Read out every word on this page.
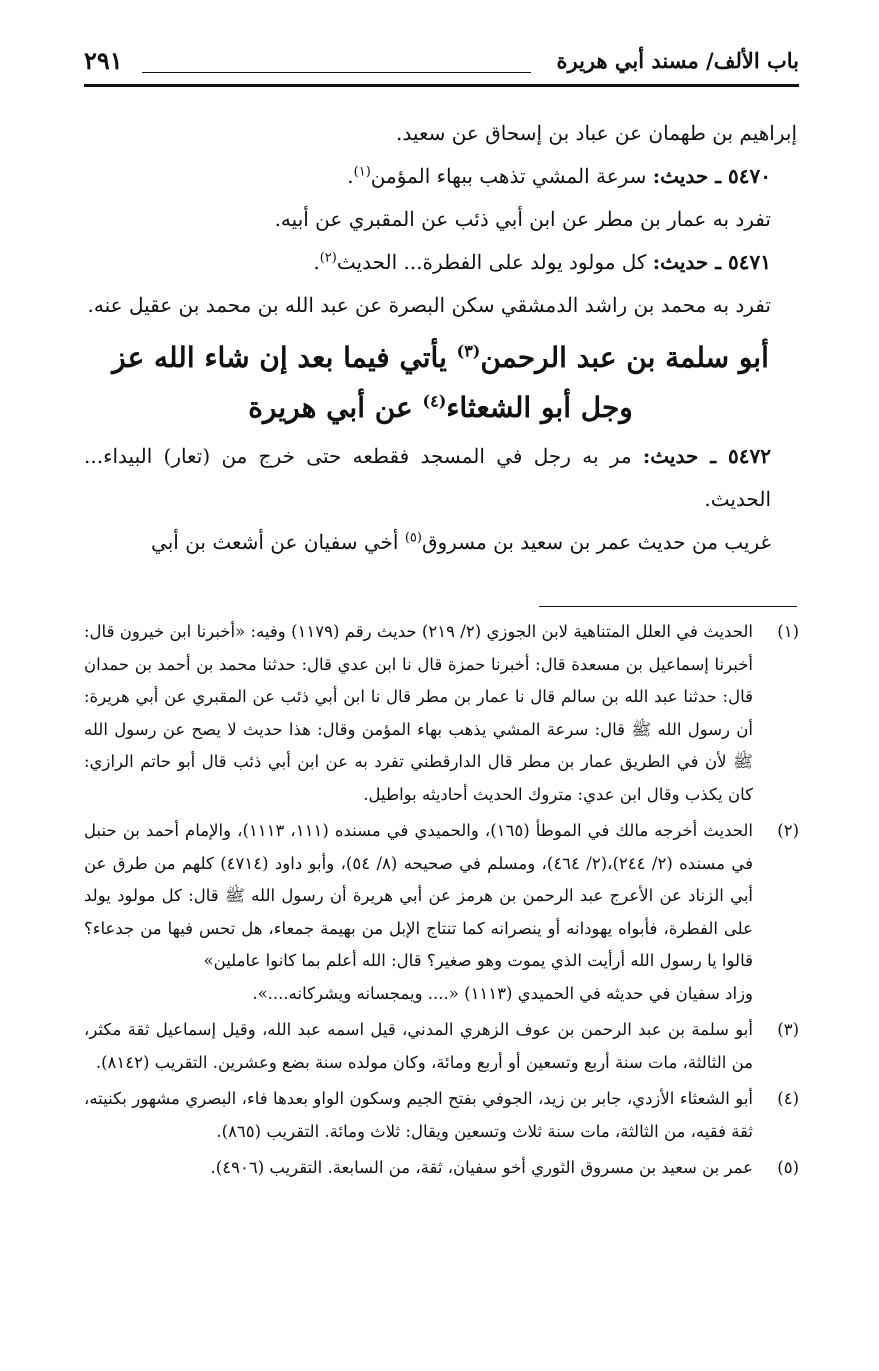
٢٩١	باب الألف/ مسند أبي هريرة

إبراهيم بن طهمان عن عباد بن إسحاق عن سعيد.

٥٤٧٠ ـ حديث: سرعة المشي تذهب ببهاء المؤمن$^{(١)}$.

تفرد به عمار بن مطر عن ابن أبي ذئب عن المقبري عن أبيه.

٥٤٧١ ـ حديث: كل مولود يولد على الفطرة... الحديث$^{(٢)}$.

تفرد به محمد بن راشد الدمشقي سكن البصرة عن عبد الله بن محمد بن عقيل عنه.

أبو سلمة بن عبد الرحمن$^{(٣)}$ يأتي فيما بعد إن شاء الله عز وجل أبو الشعثاء$^{(٤)}$ عن أبي هريرة

٥٤٧٢ ـ حديث: مر به رجل في المسجد فقطعه حتى خرج من (تعار) البيداء... الحديث.

غريب من حديث عمر بن سعيد بن مسروق$^{(٥)}$ أخي سفيان عن أشعث بن أبي

(١)

الحديث في العلل المتناهية لابن الجوزي (٢/ ٢١٩) حديث رقم (١١٧٩) وفيه: «أخبرنا ابن خيرون قال: أخبرنا إسماعيل بن مسعدة قال: أخبرنا حمزة قال نا ابن عدي قال: حدثنا محمد بن أحمد بن حمدان قال: حدثنا عبد الله بن سالم قال نا عمار بن مطر قال نا ابن أبي ذئب عن المقبري عن أبي هريرة: أن رسول الله ﷺ قال: سرعة المشي يذهب بهاء المؤمن وقال: هذا حديث لا يصح عن رسول الله ﷺ لأن في الطريق عمار بن مطر قال الدارقطني تفرد به عن ابن أبي ذئب قال أبو حاتم الرازي: كان يكذب وقال ابن عدي: متروك الحديث أحاديثه بواطيل.

(٢)

الحديث أخرجه مالك في الموطأ (١٦٥)، والحميدي في مسنده (١١١، ١١١٣)، والإمام أحمد بن حنبل في مسنده (٢/ ٢٤٤)،(٢/ ٤٦٤)، ومسلم في صحيحه (٨/ ٥٤)، وأبو داود (٤٧١٤) كلهم من طرق عن أبي الزناد عن الأعرج عبد الرحمن بن هرمز عن أبي هريرة أن رسول الله ﷺ قال: كل مولود يولد على الفطرة، فأبواه يهودانه أو ينصرانه كما تنتاج الإبل من بهيمة جمعاء، هل تحس فيها من جدعاء؟ قالوا يا رسول الله أرأيت الذي يموت وهو صغير؟ قال: الله أعلم بما كانوا عاملين»

وزاد سفيان في حديثه في الحميدي (١١١٣) «.... ويمجسانه ويشركانه....».

(٣)

أبو سلمة بن عبد الرحمن بن عوف الزهري المدني، قيل اسمه عبد الله، وقيل إسماعيل ثقة مكثر، من الثالثة، مات سنة أربع وتسعين أو أربع ومائة، وكان مولده سنة بضع وعشرين. التقريب (٨١٤٢).

(٤)

أبو الشعثاء الأزدي، جابر بن زيد، الجوفي بفتح الجيم وسكون الواو بعدها فاء، البصري مشهور بكنيته، ثقة فقيه، من الثالثة، مات سنة ثلاث وتسعين ويقال: ثلاث ومائة. التقريب (٨٦٥).

(٥)

عمر بن سعيد بن مسروق الثوري أخو سفيان، ثقة، من السابعة. التقريب (٤٩٠٦).
